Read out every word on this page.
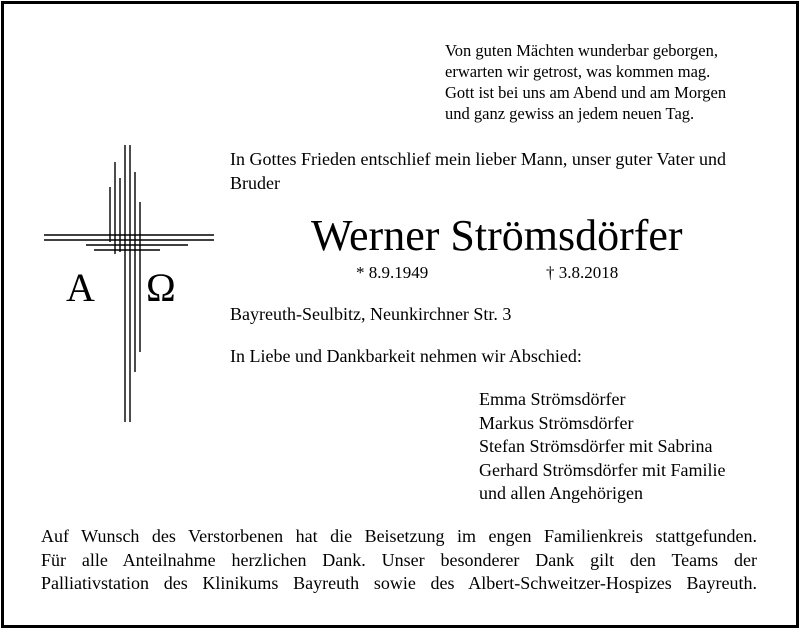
Von guten Mächten wunderbar geborgen,
erwarten wir getrost, was kommen mag.
Gott ist bei uns am Abend und am Morgen
und ganz gewiss an jedem neuen Tag.
A Ω
In Gottes Frieden entschlief mein lieber Mann, unser guter Vater und Bruder
Werner Strömsdörfer
* 8.9.1949	† 3.8.2018
Bayreuth-Seulbitz, Neunkirchner Str. 3
In Liebe und Dankbarkeit nehmen wir Abschied:
Emma Strömsdörfer
Markus Strömsdörfer
Stefan Strömsdörfer mit Sabrina
Gerhard Strömsdörfer mit Familie
und allen Angehörigen
Auf Wunsch des Verstorbenen hat die Beisetzung im engen Familienkreis stattgefunden.
Für alle Anteilnahme herzlichen Dank. Unser besonderer Dank gilt den Teams der
Palliativstation des Klinikums Bayreuth sowie des Albert-Schweitzer-Hospizes Bayreuth.
